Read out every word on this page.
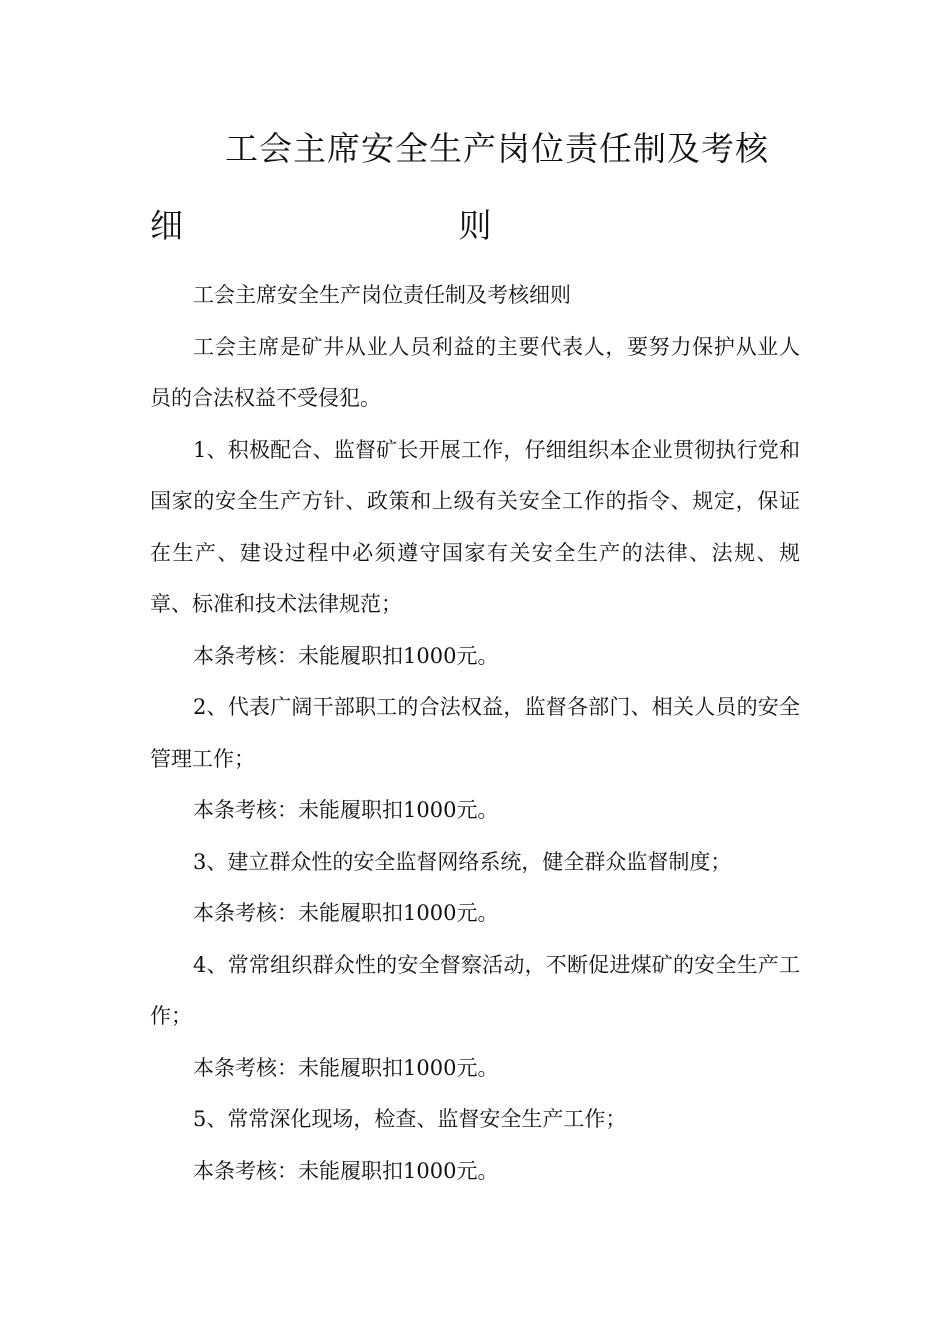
工会主席安全生产岗位责任制及考核细	则

工会主席安全生产岗位责任制及考核细则

工会主席是矿井从业人员利益的主要代表人，要努力保护从业人员的合法权益不受侵犯。

1、积极配合、监督矿长开展工作，仔细组织本企业贯彻执行党和国家的安全生产方针、政策和上级有关安全工作的指令、规定，保证在生产、建设过程中必须遵守国家有关安全生产的法律、法规、规章、标准和技术法律规范；

本条考核：未能履职扣1000元。

2、代表广阔干部职工的合法权益，监督各部门、相关人员的安全管理工作；

本条考核：未能履职扣1000元。

3、建立群众性的安全监督网络系统，健全群众监督制度；

本条考核：未能履职扣1000元。

4、常常组织群众性的安全督察活动，不断促进煤矿的安全生产工作；

本条考核：未能履职扣1000元。

5、常常深化现场，检查、监督安全生产工作；

本条考核：未能履职扣1000元。
